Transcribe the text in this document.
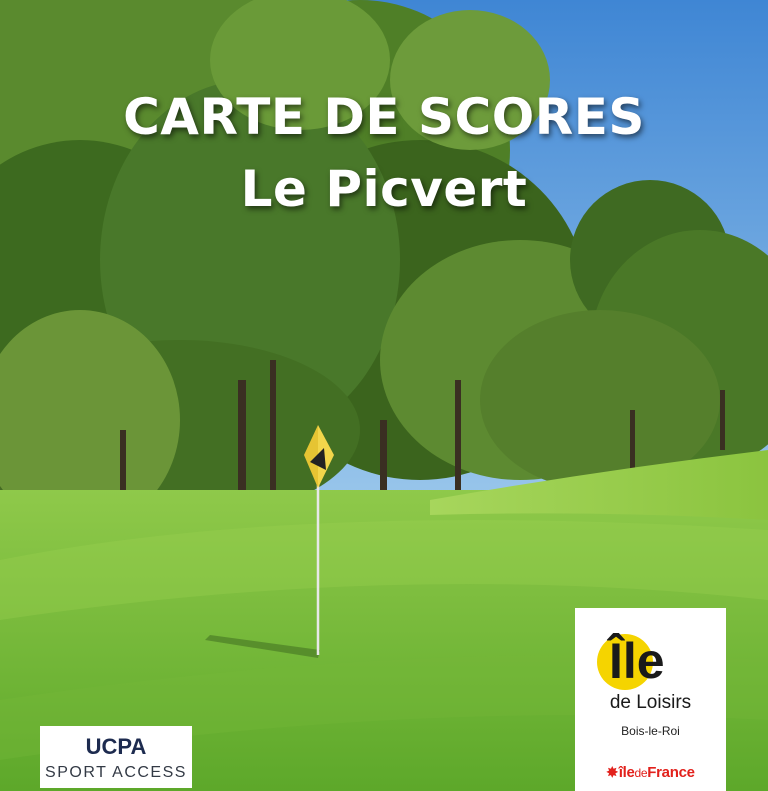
CARTE DE SCORES
Le Picvert
UCPA
SPORT ACCESS
Île
de Loisirs
Bois-le-Roi
✸îledeFrance
